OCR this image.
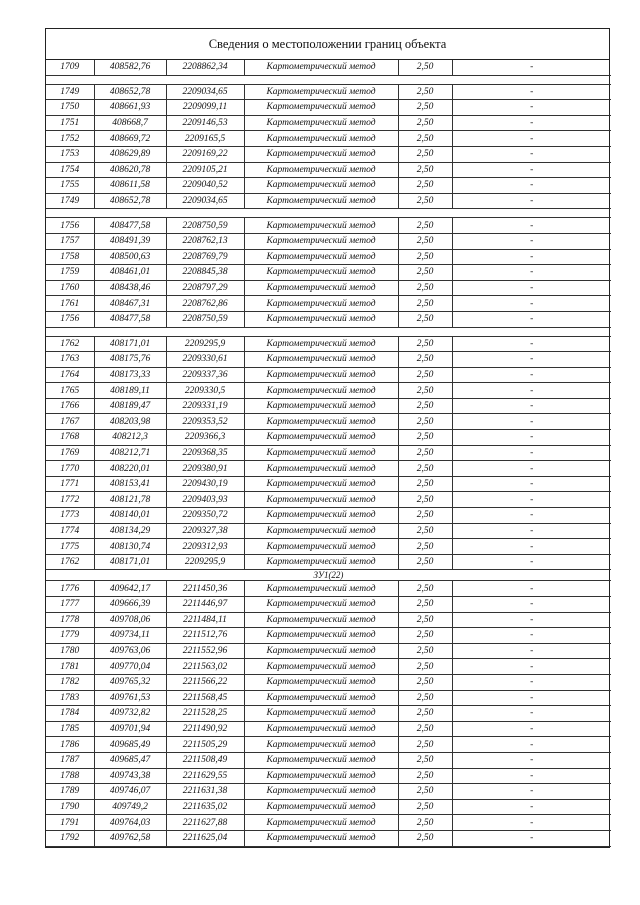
Сведения о местоположении границ объекта
1709	408582,76	2208862,34	Картометрический метод	2,50	-

1749	408652,78	2209034,65	Картометрический метод	2,50	-
1750	408661,93	2209099,11	Картометрический метод	2,50	-
1751	408668,7	2209146,53	Картометрический метод	2,50	-
1752	408669,72	2209165,5	Картометрический метод	2,50	-
1753	408629,89	2209169,22	Картометрический метод	2,50	-
1754	408620,78	2209105,21	Картометрический метод	2,50	-
1755	408611,58	2209040,52	Картометрический метод	2,50	-
1749	408652,78	2209034,65	Картометрический метод	2,50	-

1756	408477,58	2208750,59	Картометрический метод	2,50	-
1757	408491,39	2208762,13	Картометрический метод	2,50	-
1758	408500,63	2208769,79	Картометрический метод	2,50	-
1759	408461,01	2208845,38	Картометрический метод	2,50	-
1760	408438,46	2208797,29	Картометрический метод	2,50	-
1761	408467,31	2208762,86	Картометрический метод	2,50	-
1756	408477,58	2208750,59	Картометрический метод	2,50	-

1762	408171,01	2209295,9	Картометрический метод	2,50	-
1763	408175,76	2209330,61	Картометрический метод	2,50	-
1764	408173,33	2209337,36	Картометрический метод	2,50	-
1765	408189,11	2209330,5	Картометрический метод	2,50	-
1766	408189,47	2209331,19	Картометрический метод	2,50	-
1767	408203,98	2209353,52	Картометрический метод	2,50	-
1768	408212,3	2209366,3	Картометрический метод	2,50	-
1769	408212,71	2209368,35	Картометрический метод	2,50	-
1770	408220,01	2209380,91	Картометрический метод	2,50	-
1771	408153,41	2209430,19	Картометрический метод	2,50	-
1772	408121,78	2209403,93	Картометрический метод	2,50	-
1773	408140,01	2209350,72	Картометрический метод	2,50	-
1774	408134,29	2209327,38	Картометрический метод	2,50	-
1775	408130,74	2209312,93	Картометрический метод	2,50	-
1762	408171,01	2209295,9	Картометрический метод	2,50	-
ЗУ1(22)					
1776	409642,17	2211450,36	Картометрический метод	2,50	-
1777	409666,39	2211446,97	Картометрический метод	2,50	-
1778	409708,06	2211484,11	Картометрический метод	2,50	-
1779	409734,11	2211512,76	Картометрический метод	2,50	-
1780	409763,06	2211552,96	Картометрический метод	2,50	-
1781	409770,04	2211563,02	Картометрический метод	2,50	-
1782	409765,32	2211566,22	Картометрический метод	2,50	-
1783	409761,53	2211568,45	Картометрический метод	2,50	-
1784	409732,82	2211528,25	Картометрический метод	2,50	-
1785	409701,94	2211490,92	Картометрический метод	2,50	-
1786	409685,49	2211505,29	Картометрический метод	2,50	-
1787	409685,47	2211508,49	Картометрический метод	2,50	-
1788	409743,38	2211629,55	Картометрический метод	2,50	-
1789	409746,07	2211631,38	Картометрический метод	2,50	-
1790	409749,2	2211635,02	Картометрический метод	2,50	-
1791	409764,03	2211627,88	Картометрический метод	2,50	-
1792	409762,58	2211625,04	Картометрический метод	2,50	-
